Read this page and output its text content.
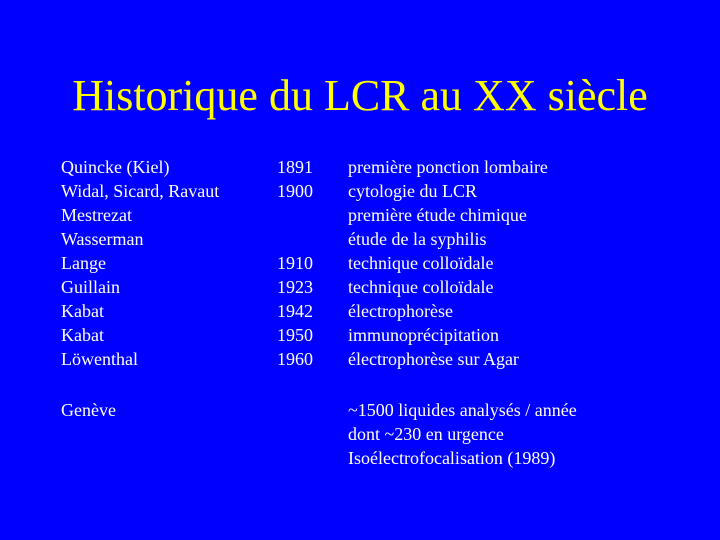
Historique du LCR au XX siècle
Quincke (Kiel)
Widal, Sicard, Ravaut
Mestrezat
Wasserman
Lange
Guillain
Kabat
Kabat
Löwenthal
1891
1900
1910
1923
1942
1950
1960
première ponction lombaire
cytologie du LCR
première étude chimique
étude de la syphilis
technique colloïdale
technique colloïdale
électrophorèse
immunoprécipitation
électrophorèse sur Agar
Genève	~1500 liquides analysés / année
dont ~230 en urgence
Isoélectrofocalisation (1989)
